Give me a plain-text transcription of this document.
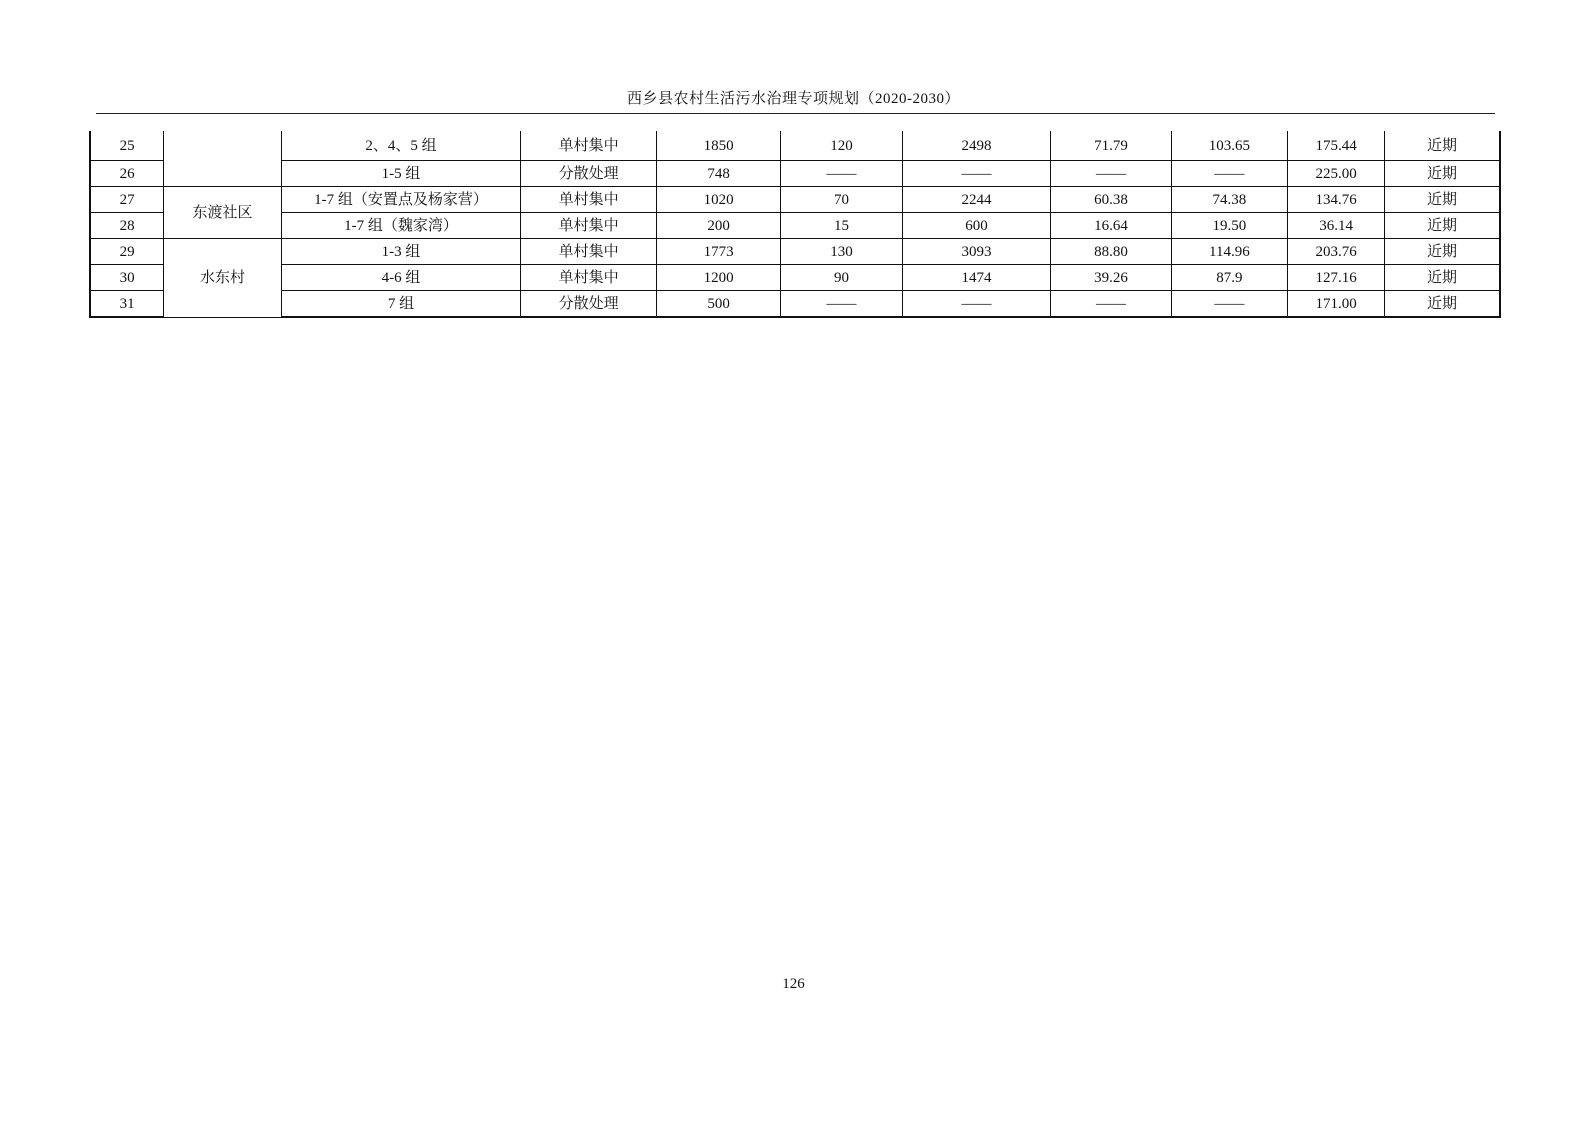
西乡县农村生活污水治理专项规划（2020-2030）
25		2、4、5 组	单村集中	1850	120	2498	71.79	103.65	175.44	近期
26		1-5 组	分散处理	748	——	——	——	——	225.00	近期
27	东渡社区	1-7 组（安置点及杨家营）	单村集中	1020	70	2244	60.38	74.38	134.76	近期
28		1-7 组（魏家湾）	单村集中	200	15	600	16.64	19.50	36.14	近期
29	水东村	1-3 组	单村集中	1773	130	3093	88.80	114.96	203.76	近期
30		4-6 组	单村集中	1200	90	1474	39.26	87.9	127.16	近期
31		7 组	分散处理	500	——	——	——	——	171.00	近期
126
